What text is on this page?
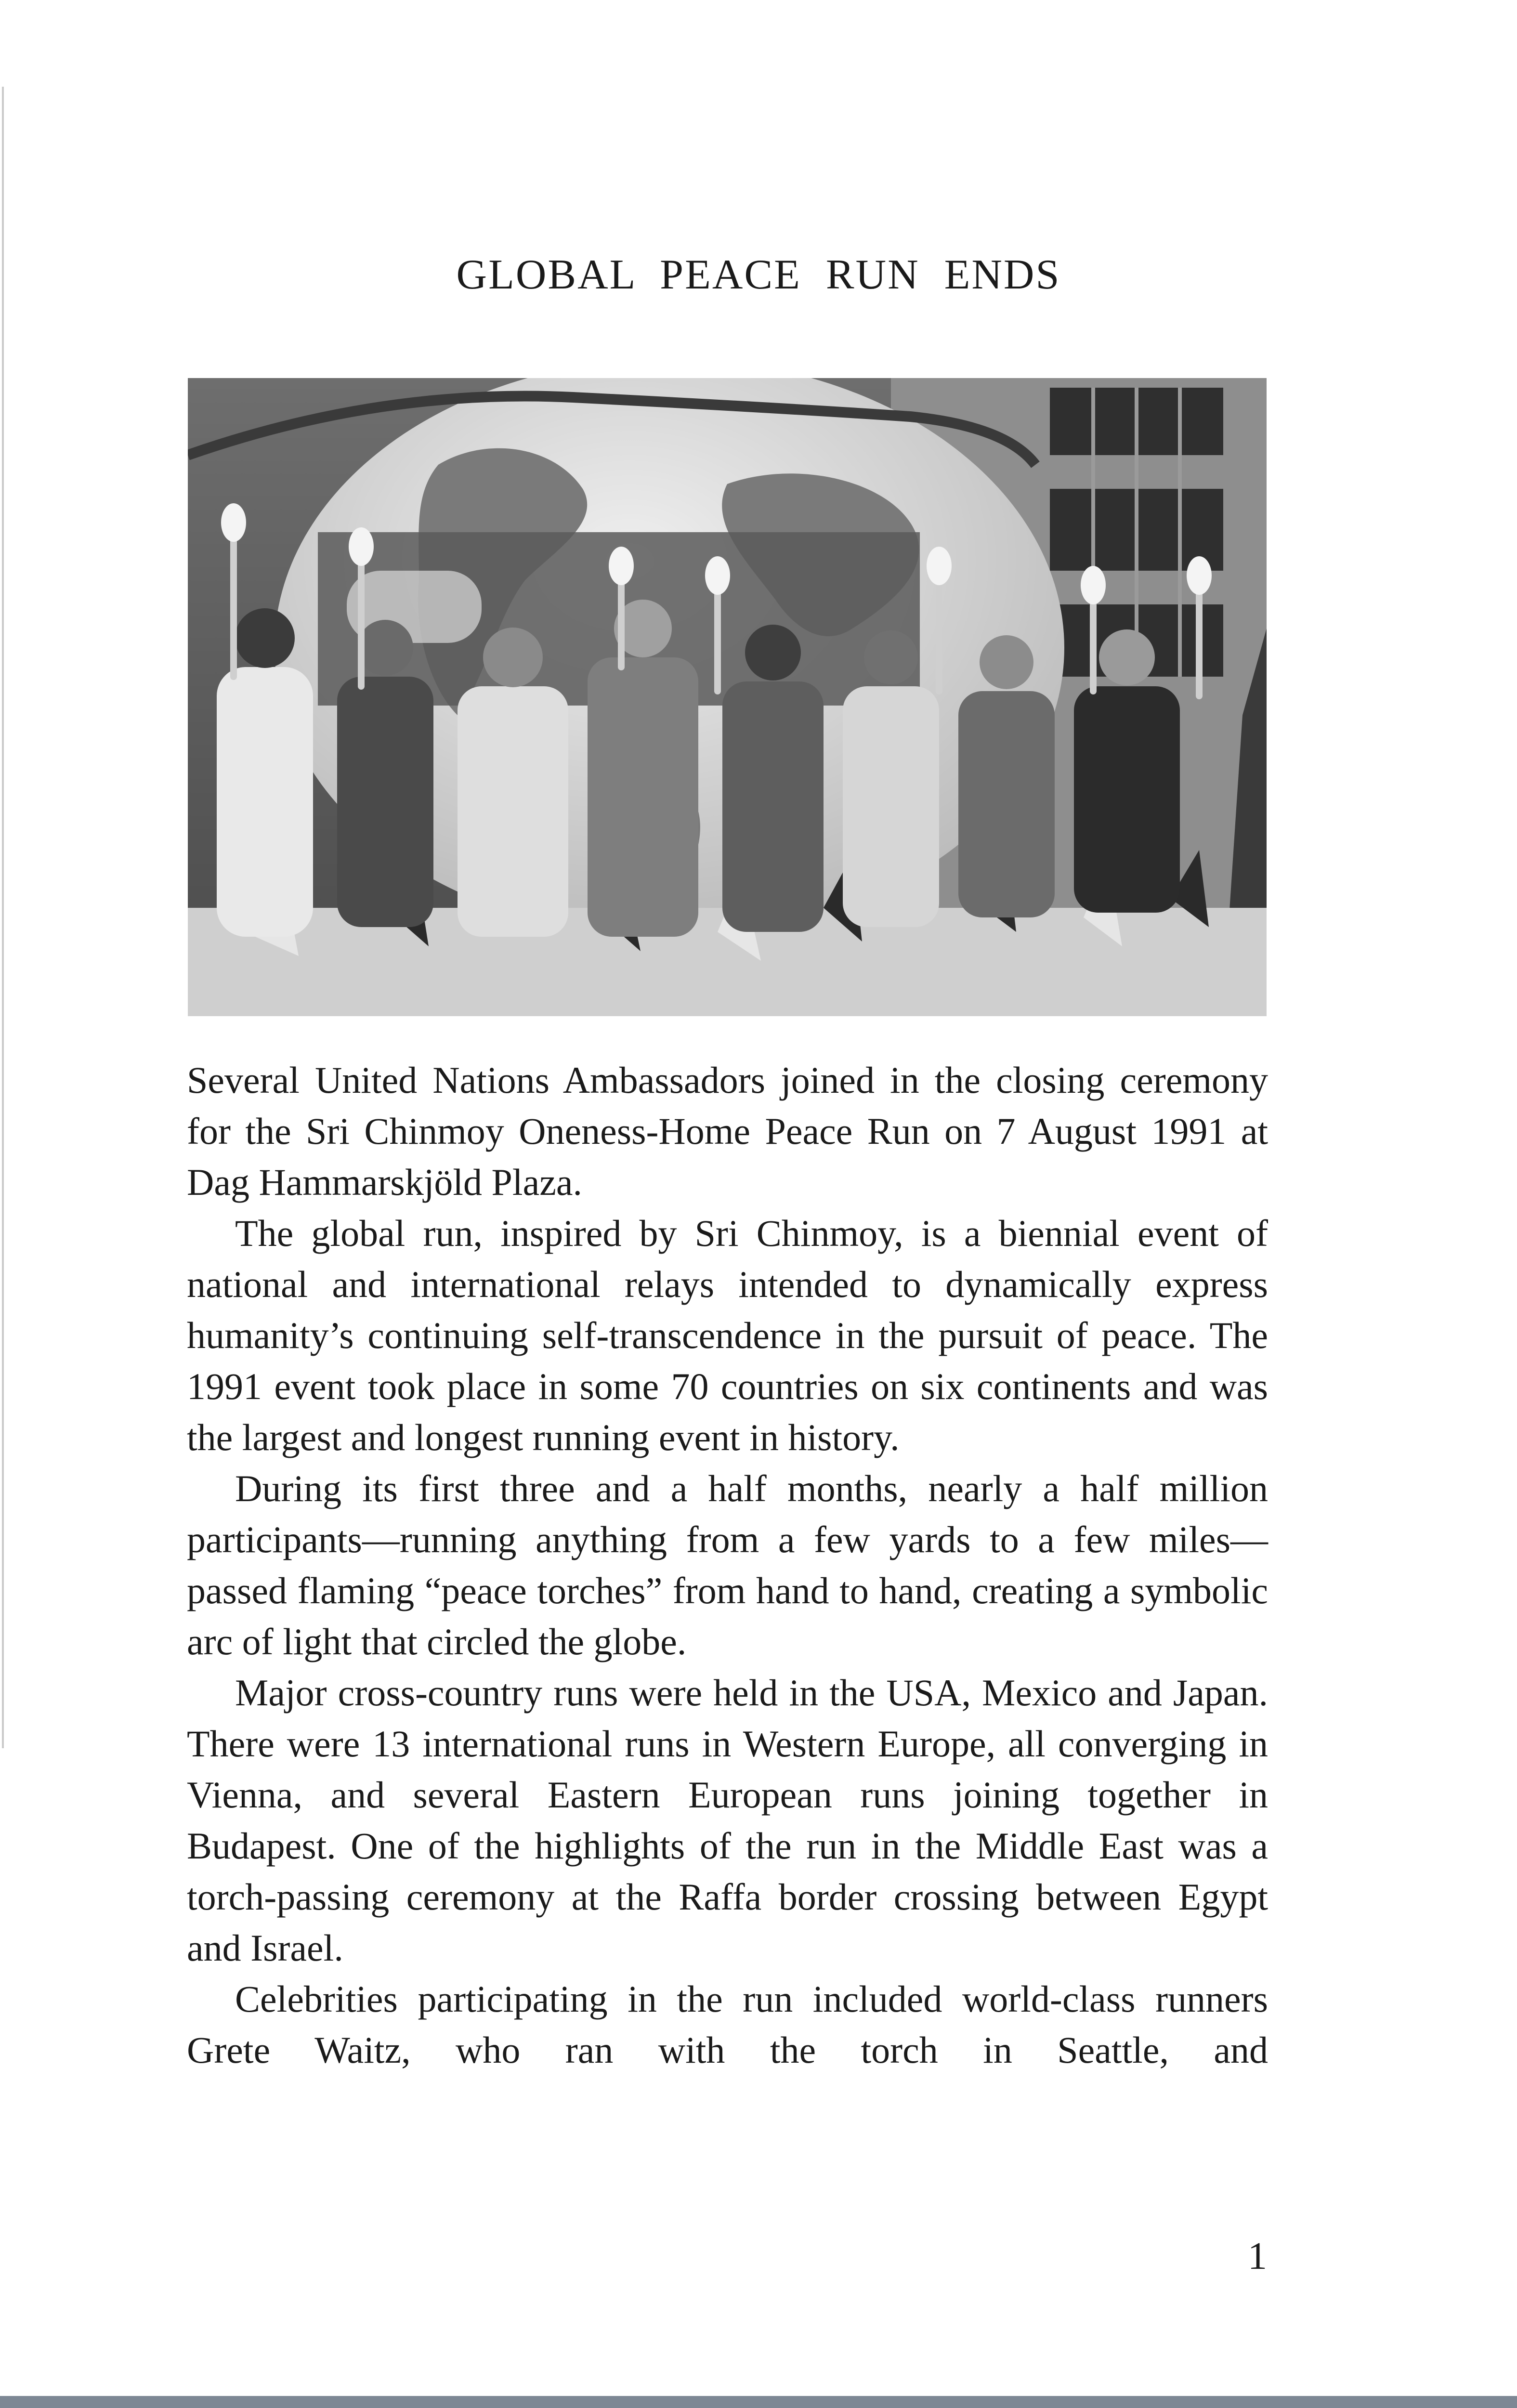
GLOBAL PEACE RUN ENDS

Several United Nations Ambassadors joined in the closing ceremony for the Sri Chinmoy Oneness-Home Peace Run on 7 August 1991 at Dag Hammarskjöld Plaza.

The global run, inspired by Sri Chinmoy, is a biennial event of national and international relays intended to dynamically express humanity’s continuing self-transcendence in the pursuit of peace. The 1991 event took place in some 70 countries on six continents and was the largest and longest running event in history.

During its first three and a half months, nearly a half million participants—running anything from a few yards to a few miles—passed flaming “peace torches” from hand to hand, creating a symbolic arc of light that circled the globe.

Major cross-country runs were held in the USA, Mexico and Japan. There were 13 international runs in Western Europe, all converging in Vienna, and several Eastern European runs joining together in Budapest. One of the highlights of the run in the Middle East was a torch-passing ceremony at the Raffa border crossing between Egypt and Israel.

Celebrities participating in the run included world-class runners Grete Waitz, who ran with the torch in Seattle, and

1
